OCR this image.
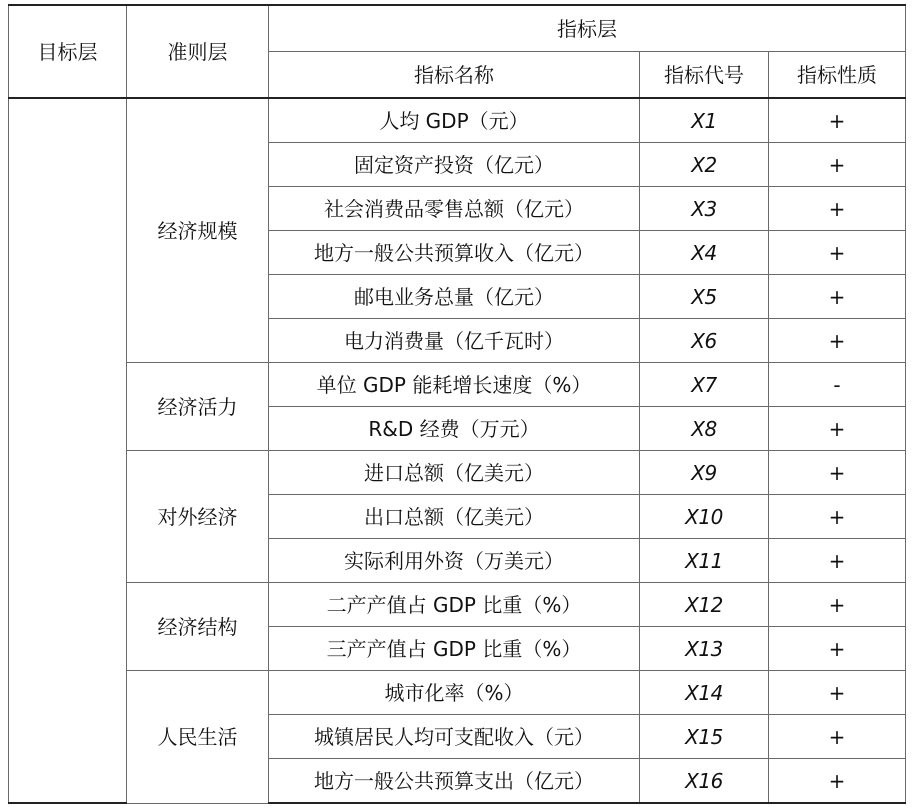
目标层	准则层	指标层		
		指标名称	指标代号	指标性质
	经济规模	人均 GDP（元）	X1	+
		固定资产投资（亿元）	X2	+
		社会消费品零售总额（亿元）	X3	+
		地方一般公共预算收入（亿元）	X4	+
		邮电业务总量（亿元）	X5	+
		电力消费量（亿千瓦时）	X6	+
	经济活力	单位 GDP 能耗增长速度（%）	X7	-
		R&D 经费（万元）	X8	+
	对外经济	进口总额（亿美元）	X9	+
		出口总额（亿美元）	X10	+
		实际利用外资（万美元）	X11	+
	经济结构	二产产值占 GDP 比重（%）	X12	+
		三产产值占 GDP 比重（%）	X13	+
	人民生活	城市化率（%）	X14	+
		城镇居民人均可支配收入（元）	X15	+
		地方一般公共预算支出（亿元）	X16	+
